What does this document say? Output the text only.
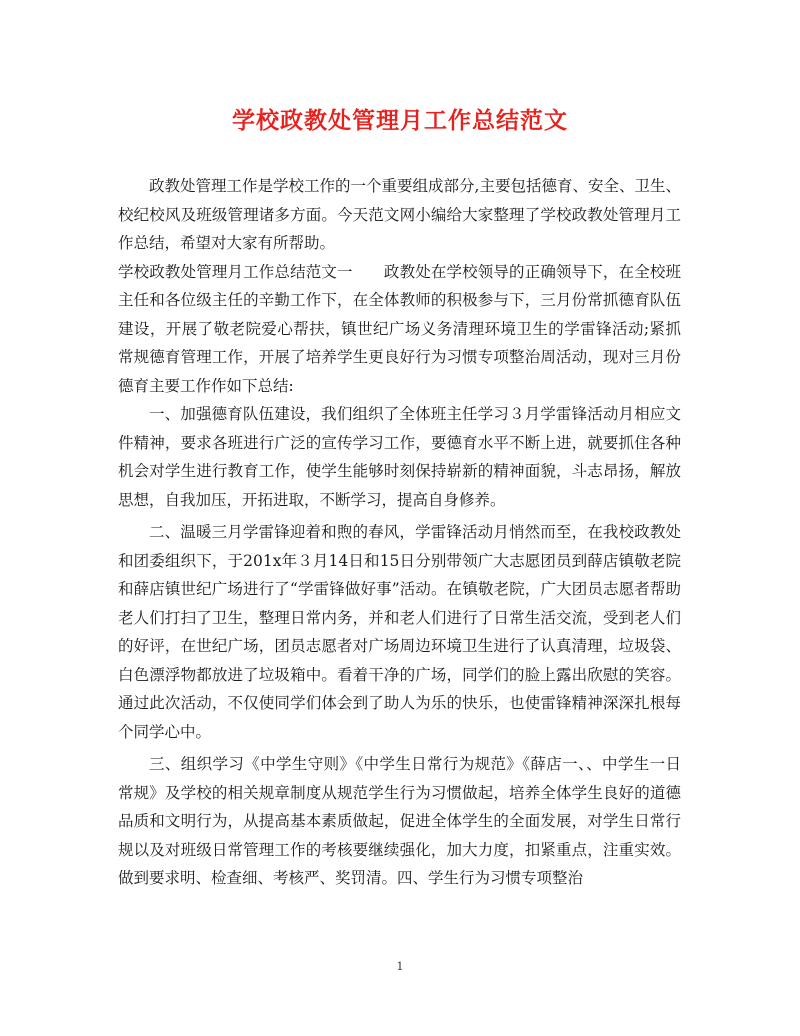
学校政教处管理月工作总结范文

政教处管理工作是学校工作的一个重要组成部分,主要包括德育、安全、卫生、校纪校风及班级管理诸多方面。今天范文网小编给大家整理了学校政教处管理月工作总结，希望对大家有所帮助。

学校政教处管理月工作总结范文一　　政教处在学校领导的正确领导下，在全校班主任和各位级主任的辛勤工作下，在全体教师的积极参与下，三月份常抓德育队伍建设，开展了敬老院爱心帮扶，镇世纪广场义务清理环境卫生的学雷锋活动;紧抓常规德育管理工作，开展了培养学生更良好行为习惯专项整治周活动，现对三月份德育主要工作作如下总结:

一、加强德育队伍建设，我们组织了全体班主任学习３月学雷锋活动月相应文件精神，要求各班进行广泛的宣传学习工作，要德育水平不断上进，就要抓住各种机会对学生进行教育工作，使学生能够时刻保持崭新的精神面貌，斗志昂扬，解放思想，自我加压，开拓进取，不断学习，提高自身修养。

二、温暖三月学雷锋迎着和煦的春风，学雷锋活动月悄然而至，在我校政教处和团委组织下，于201x年３月14日和15日分别带领广大志愿团员到薛店镇敬老院和薛店镇世纪广场进行了“学雷锋做好事”活动。在镇敬老院，广大团员志愿者帮助老人们打扫了卫生，整理日常内务，并和老人们进行了日常生活交流，受到老人们的好评，在世纪广场，团员志愿者对广场周边环境卫生进行了认真清理，垃圾袋、白色漂浮物都放进了垃圾箱中。看着干净的广场，同学们的脸上露出欣慰的笑容。通过此次活动，不仅使同学们体会到了助人为乐的快乐，也使雷锋精神深深扎根每个同学心中。

三、组织学习《中学生守则》《中学生日常行为规范》《薛店一、、中学生一日常规》及学校的相关规章制度从规范学生行为习惯做起，培养全体学生良好的道德品质和文明行为，从提高基本素质做起，促进全体学生的全面发展，对学生日常行规以及对班级日常管理工作的考核要继续强化，加大力度，扣紧重点，注重实效。做到要求明、检查细、考核严、奖罚清。四、学生行为习惯专项整治

1
